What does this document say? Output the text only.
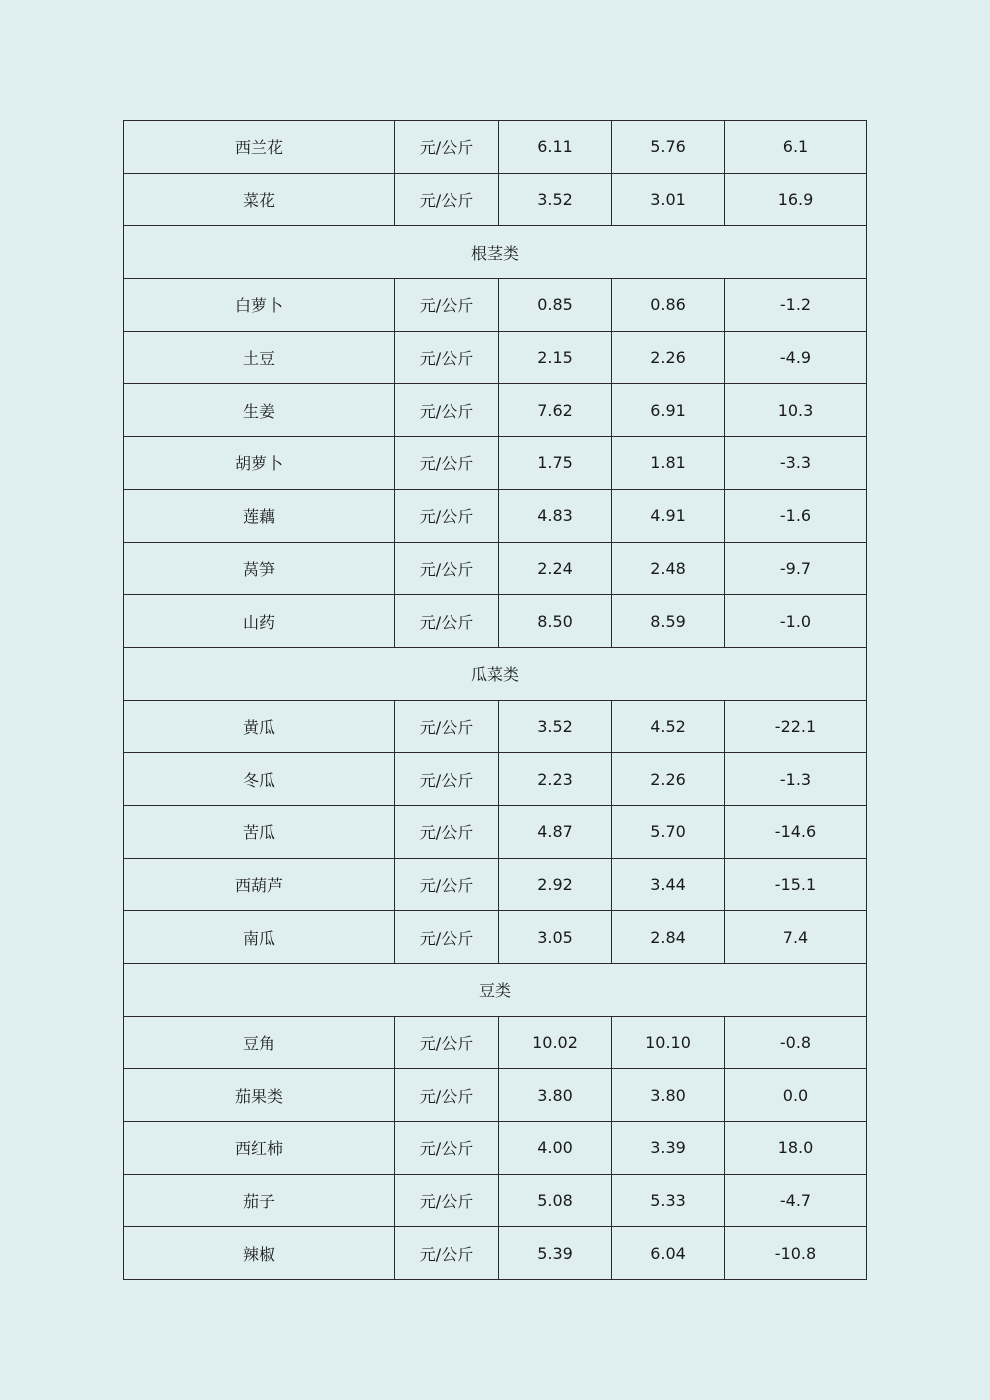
西兰花	元/公斤	6.11	5.76	6.1
菜花	元/公斤	3.52	3.01	16.9
根茎类				
白萝卜	元/公斤	0.85	0.86	-1.2
土豆	元/公斤	2.15	2.26	-4.9
生姜	元/公斤	7.62	6.91	10.3
胡萝卜	元/公斤	1.75	1.81	-3.3
莲藕	元/公斤	4.83	4.91	-1.6
莴笋	元/公斤	2.24	2.48	-9.7
山药	元/公斤	8.50	8.59	-1.0
瓜菜类				
黄瓜	元/公斤	3.52	4.52	-22.1
冬瓜	元/公斤	2.23	2.26	-1.3
苦瓜	元/公斤	4.87	5.70	-14.6
西葫芦	元/公斤	2.92	3.44	-15.1
南瓜	元/公斤	3.05	2.84	7.4
豆类				
豆角	元/公斤	10.02	10.10	-0.8
茄果类	元/公斤	3.80	3.80	0.0
西红柿	元/公斤	4.00	3.39	18.0
茄子	元/公斤	5.08	5.33	-4.7
辣椒	元/公斤	5.39	6.04	-10.8
